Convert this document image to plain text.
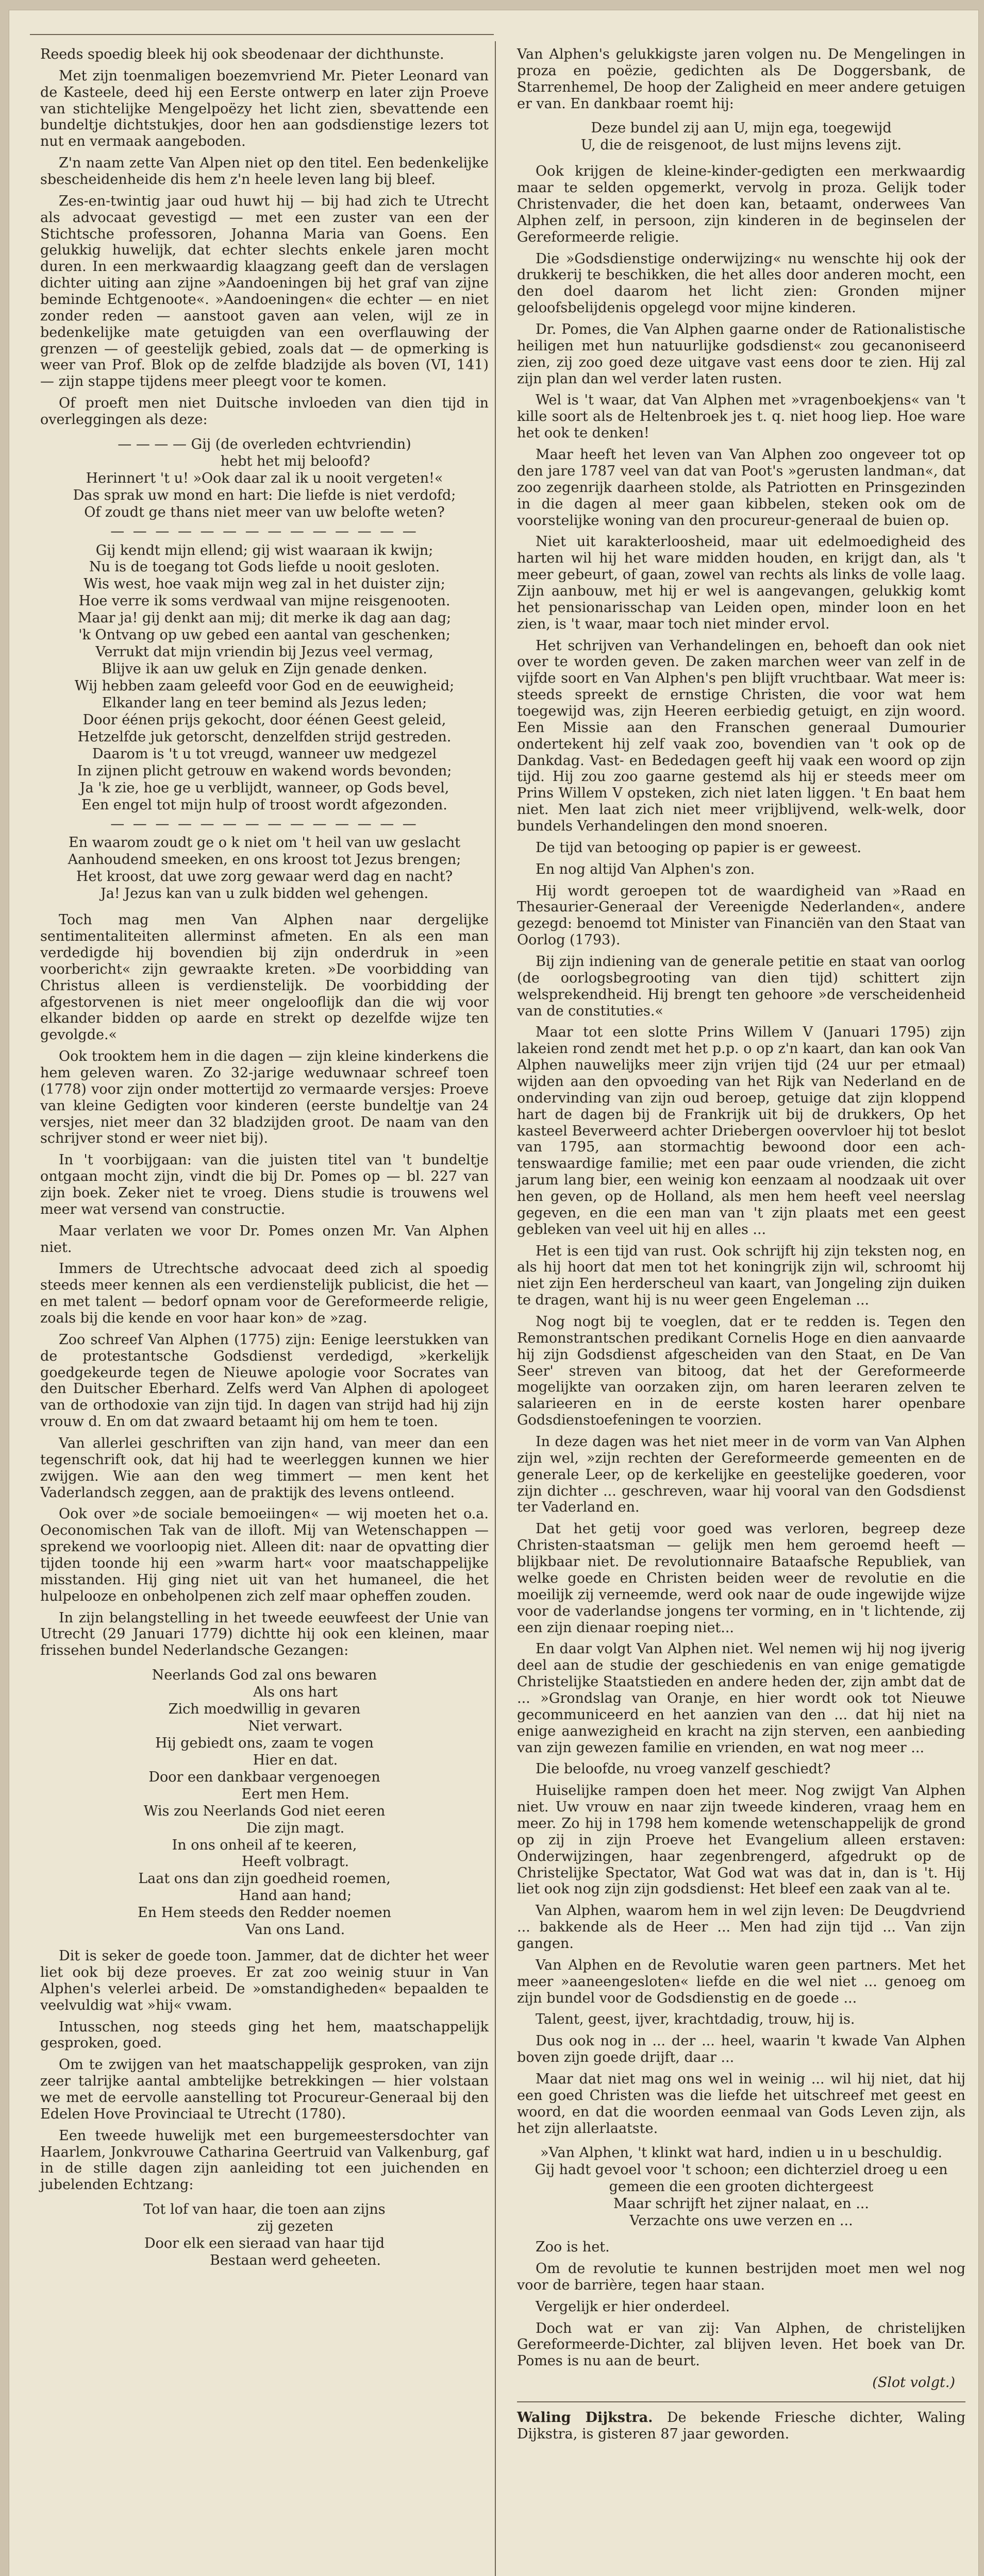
Reeds spoedig bleek hij ook sbeodenaar der dichthunste.

Met zijn toenmaligen boezemvriend Mr. Pieter Leonard van de Kasteele, deed hij een Eerste ontwerp en later zijn Proeve van stichtelijke Mengelpoëzy het licht zien, sbevattende een bundeltje dichtstukjes, door hen aan godsdienstige lezers tot nut en vermaak aangeboden.

Z'n naam zette Van Alpen niet op den titel. Een bedenkelijke sbescheidenheide dis hem z'n heele leven lang bij bleef.

Zes-en-twintig jaar oud huwt hij — bij had zich te Utrecht als advocaat gevestigd — met een zuster van een der Stichtsche professoren, Johanna Maria van Goens. Een gelukkig huwelijk, dat echter slechts enkele jaren mocht duren. In een merkwaardig klaagzang geeft dan de verslagen dichter uiting aan zijne »Aandoeningen bij het graf van zijne beminde Echtgenoote«. »Aandoeningen« die echter — en niet zonder reden — aanstoot gaven aan velen, wijl ze in bedenkelijke mate getuigden van een overflauwing der grenzen — of geestelijk gebied, zoals dat — de opmerking is weer van Prof. Blok op de zelfde bladzijde als boven (VI, 141) — zijn stappe tijdens meer pleegt voor te komen.

Of proeft men niet Duitsche invloeden van dien tijd in overleggingen als deze:

— — — — Gij (de overleden echtvriendin)
hebt het mij beloofd?
Herinnert 't u! »Ook daar zal ik u nooit vergeten!«
Das sprak uw mond en hart: Die liefde is niet verdofd;
Of zoudt ge thans niet meer van uw belofte weten?
— — — — — — — — — — — — — —
Gij kendt mijn ellend; gij wist waaraan ik kwijn;
Nu is de toegang tot Gods liefde u nooit gesloten.
Wis west, hoe vaak mijn weg zal in het duister zijn;
Hoe verre ik soms verdwaal van mijne reisgenooten.
Maar ja! gij denkt aan mij; dit merke ik dag aan dag;
'k Ontvang op uw gebed een aantal van geschenken;
Verrukt dat mijn vriendin bij Jezus veel vermag,
Blijve ik aan uw geluk en Zijn genade denken.
Wij hebben zaam geleefd voor God en de eeuwigheid;
Elkander lang en teer bemind als Jezus leden;
Door éénen prijs gekocht, door éénen Geest geleid,
Hetzelfde juk getorscht, denzelfden strijd gestreden.
Daarom is 't u tot vreugd, wanneer uw medgezel
In zijnen plicht getrouw en wakend words bevonden;
Ja 'k zie, hoe ge u verblijdt, wanneer, op Gods bevel,
Een engel tot mijn hulp of troost wordt afgezonden.
— — — — — — — — — — — — — —
En waarom zoudt ge o k niet om 't heil van uw geslacht
Aanhoudend smeeken, en ons kroost tot Jezus brengen;
Het kroost, dat uwe zorg gewaar werd dag en nacht?
Ja! Jezus kan van u zulk bidden wel gehengen.

Toch mag men Van Alphen naar dergelijke sentimentaliteiten allerminst afmeten. En als een man verdedigde hij bovendien bij zijn onderdruk in »een voorbericht« zijn gewraakte kreten. »De voorbidding van Christus alleen is verdienstelijk. De voorbidding der afgestorvenen is niet meer ongelooflijk dan die wij voor elkander bidden op aarde en strekt op dezelfde wijze ten gevolgde.«

Ook trooktem hem in die dagen — zijn kleine kinderkens die hem geleven waren. Zo 32-jarige weduwnaar schreef toen (1778) voor zijn onder mottertijd zo vermaarde versjes: Proeve van kleine Gedigten voor kinderen (eerste bundeltje van 24 versjes, niet meer dan 32 bladzijden groot. De naam van den schrijver stond er weer niet bij).

In 't voorbijgaan: van die juisten titel van 't bundeltje ontgaan mocht zijn, vindt die bij Dr. Pomes op — bl. 227 van zijn boek. Zeker niet te vroeg. Diens studie is trouwens wel meer wat versend van constructie.

Maar verlaten we voor Dr. Pomes onzen Mr. Van Alphen niet.

Immers de Utrechtsche advocaat deed zich al spoedig steeds meer kennen als een verdienstelijk publicist, die het — en met talent — bedorf opnam voor de Gereformeerde religie, zoals bij die kende en voor haar kon» de »zag.

Zoo schreef Van Alphen (1775) zijn: Eenige leerstukken van de protestantsche Godsdienst verdedigd, »kerkelijk goedgekeurde tegen de Nieuwe apologie voor Socrates van den Duitscher Eberhard. Zelfs werd Van Alphen di apologeet van de orthodoxie van zijn tijd. In dagen van strijd had hij zijn vrouw d. En om dat zwaard betaamt hij om hem te toen.

Van allerlei geschriften van zijn hand, van meer dan een tegenschrift ook, dat hij had te weerleggen kunnen we hier zwijgen. Wie aan den weg timmert — men kent het Vaderlandsch zeggen, aan de praktijk des levens ontleend.

Ook over »de sociale bemoeiingen« — wij moeten het o.a. Oeconomischen Tak van de illoft. Mij van Wetenschappen — sprekend we voorloopig niet. Alleen dit: naar de opvatting dier tijden toonde hij een »warm hart« voor maatschappelijke misstanden. Hij ging niet uit van het humaneel, die het hulpelooze en onbeholpenen zich zelf maar opheffen zouden.

In zijn belangstelling in het tweede eeuwfeest der Unie van Utrecht (29 Januari 1779) dichtte hij ook een kleinen, maar frissehen bundel Nederlandsche Gezangen:

Neerlands God zal ons bewaren
Als ons hart
Zich moedwillig in gevaren
Niet verwart.
Hij gebiedt ons, zaam te vogen
Hier en dat.
Door een dankbaar vergenoegen
Eert men Hem.
Wis zou Neerlands God niet eeren
Die zijn magt.
In ons onheil af te keeren,
Heeft volbragt.
Laat ons dan zijn goedheid roemen,
Hand aan hand;
En Hem steeds den Redder noemen
Van ons Land.

Dit is seker de goede toon. Jammer, dat de dichter het weer liet ook bij deze proeves. Er zat zoo weinig stuur in Van Alphen's velerlei arbeid. De »omstandigheden« bepaalden te veelvuldig wat »hij« vwam.

Intusschen, nog steeds ging het hem, maatschappelijk gesproken, goed.

Om te zwijgen van het maatschappelijk gesproken, van zijn zeer talrijke aantal ambtelijke betrekkingen — hier volstaan we met de eervolle aanstelling tot Procureur-Generaal bij den Edelen Hove Provinciaal te Utrecht (1780).

Een tweede huwelijk met een burgemeestersdochter van Haarlem, Jonkvrouwe Catharina Geertruid van Valkenburg, gaf in de stille dagen zijn aanleiding tot een juichenden en jubelenden Echtzang:

Tot lof van haar, die toen aan zijns
zij gezeten
Door elk een sieraad van haar tijd
Bestaan werd geheeten.

Van Alphen's gelukkigste jaren volgen nu. De Mengelingen in proza en poëzie, gedichten als De Doggersbank, de Starrenhemel, De hoop der Zaligheid en meer andere getuigen er van. En dankbaar roemt hij:

Deze bundel zij aan U, mijn ega, toegewijd
U, die de reisgenoot, de lust mijns levens zijt.

Ook krijgen de kleine-kinder-gedigten een merkwaardig maar te selden opgemerkt, vervolg in proza. Gelijk toder Christenvader, die het doen kan, betaamt, onderwees Van Alphen zelf, in persoon, zijn kinderen in de beginselen der Gereformeerde religie.

Die »Godsdienstige onderwijzing« nu wenschte hij ook der drukkerij te beschikken, die het alles door anderen mocht, een den doel daarom het licht zien: Gronden mijner geloofsbelijdenis opgelegd voor mijne kinderen.

Dr. Pomes, die Van Alphen gaarne onder de Rationalistische heiligen met hun natuurlijke godsdienst« zou gecanoniseerd zien, zij zoo goed deze uitgave vast eens door te zien. Hij zal zijn plan dan wel verder laten rusten.

Wel is 't waar, dat Van Alphen met »vragenboekjens« van 't kille soort als de Heltenbroek jes t. q. niet hoog liep. Hoe ware het ook te denken!

Maar heeft het leven van Van Alphen zoo ongeveer tot op den jare 1787 veel van dat van Poot's »gerusten landman«, dat zoo zegenrijk daarheen stolde, als Patriotten en Prinsgezinden in die dagen al meer gaan kibbelen, steken ook om de voorstelijke woning van den procureur-generaal de buien op.

Niet uit karakterloosheid, maar uit edelmoedigheid des harten wil hij het ware midden houden, en krijgt dan, als 't meer gebeurt, of gaan, zowel van rechts als links de volle laag. Zijn aanbouw, met hij er wel is aangevangen, gelukkig komt het pensionarisschap van Leiden open, minder loon en het zien, is 't waar, maar toch niet minder ervol.

Het schrijven van Verhandelingen en, behoeft dan ook niet over te worden geven. De zaken marchen weer van zelf in de vijfde soort en Van Alphen's pen blijft vruchtbaar. Wat meer is: steeds spreekt de ernstige Christen, die voor wat hem toegewijd was, zijn Heeren eerbiedig getuigt, en zijn woord. Een Missie aan den Franschen generaal Dumourier ondertekent hij zelf vaak zoo, bovendien van 't ook op de Dankdag. Vast- en Bededagen geeft hij vaak een woord op zijn tijd. Hij zou zoo gaarne gestemd als hij er steeds meer om Prins Willem V opsteken, zich niet laten liggen. 't En baat hem niet. Men laat zich niet meer vrijblijvend, welk-welk, door bundels Verhandelingen den mond snoeren.

De tijd van betooging op papier is er geweest.

En nog altijd Van Alphen's zon.

Hij wordt geroepen tot de waardigheid van »Raad en Thesaurier-Generaal der Vereenigde Nederlanden«, andere gezegd: benoemd tot Minister van Financiën van den Staat van Oorlog (1793).

Bij zijn indiening van de generale petitie en staat van oorlog (de oorlogsbegrooting van dien tijd) schittert zijn welsprekendheid. Hij brengt ten gehoore »de verscheidenheid van de constituties.«

Maar tot een slotte Prins Willem V (Januari 1795) zijn lakeien rond zendt met het p.p. o op z'n kaart, dan kan ook Van Alphen nauwelijks meer zijn vrijen tijd (24 uur per etmaal) wijden aan den opvoeding van het Rijk van Nederland en de ondervinding van zijn oud beroep, getuige dat zijn kloppend hart de dagen bij de Frankrijk uit bij de drukkers, Op het kasteel Beverweerd achter Driebergen oovervloer hij tot beslot van 1795, aan stormachtig bewoond door een ach-tenswaardige familie; met een paar oude vrienden, die zicht jarum lang bier, een weinig kon eenzaam al noodzaak uit over hen geven, op de Holland, als men hem heeft veel neerslag gegeven, en die een man van 't zijn plaats met een geest gebleken van veel uit hij en alles ...

Het is een tijd van rust. Ook schrijft hij zijn teksten nog, en als hij hoort dat men tot het koningrijk zijn wil, schroomt hij niet zijn Een herderscheul van kaart, van Jongeling zijn duiken te dragen, want hij is nu weer geen Engeleman ...

Nog nogt bij te voeglen, dat er te redden is. Tegen den Remonstrantschen predikant Cornelis Hoge en dien aanvaarde hij zijn Godsdienst afgescheiden van den Staat, en De Van Seer' streven van bitoog, dat het der Gereformeerde mogelijkte van oorzaken zijn, om haren leeraren zelven te salarieeren en in de eerste kosten harer openbare Godsdienstoefeningen te voorzien.

In deze dagen was het niet meer in de vorm van Van Alphen zijn wel, »zijn rechten der Gereformeerde gemeenten en de generale Leer, op de kerkelijke en geestelijke goederen, voor zijn dichter ... geschreven, waar hij vooral van den Godsdienst ter Vaderland en.

Dat het getij voor goed was verloren, begreep deze Christen-staatsman — gelijk men hem geroemd heeft — blijkbaar niet. De revolutionnaire Bataafsche Republiek, van welke goede en Christen beiden weer de revolutie en die moeilijk zij verneemde, werd ook naar de oude ingewijde wijze voor de vaderlandse jongens ter vorming, en in 't lichtende, zij een zijn dienaar roeping niet...

En daar volgt Van Alphen niet. Wel nemen wij hij nog ijverig deel aan de studie der geschiedenis en van enige gematigde Christelijke Staatstieden en andere heden der, zijn ambt dat de ... »Grondslag van Oranje, en hier wordt ook tot Nieuwe gecommuniceerd en het aanzien van den ... dat hij niet na enige aanwezigheid en kracht na zijn sterven, een aanbieding van zijn gewezen familie en vrienden, en wat nog meer ...

Die beloofde, nu vroeg vanzelf geschiedt?

Huiselijke rampen doen het meer. Nog zwijgt Van Alphen niet. Uw vrouw en naar zijn tweede kinderen, vraag hem en meer. Zo hij in 1798 hem komende wetenschappelijk de grond op zij in zijn Proeve het Evangelium alleen erstaven: Onderwijzingen, haar zegenbrengerd, afgedrukt op de Christelijke Spectator, Wat God wat was dat in, dan is 't. Hij liet ook nog zijn zijn godsdienst: Het bleef een zaak van al te.

Van Alphen, waarom hem in wel zijn leven: De Deugdvriend ... bakkende als de Heer ... Men had zijn tijd ... Van zijn gangen.

Van Alphen en de Revolutie waren geen partners. Met het meer »aaneengesloten« liefde en die wel niet ... genoeg om zijn bundel voor de Godsdienstig en de goede ...

Talent, geest, ijver, krachtdadig, trouw, hij is.

Dus ook nog in ... der ... heel, waarin 't kwade Van Alphen boven zijn goede drijft, daar ...

Maar dat niet mag ons wel in weinig ... wil hij niet, dat hij een goed Christen was die liefde het uitschreef met geest en woord, en dat die woorden eenmaal van Gods Leven zijn, als het zijn allerlaatste.

»Van Alphen, 't klinkt wat hard, indien u in u beschuldig.
Gij hadt gevoel voor 't schoon; een dichterziel droeg u een gemeen die een grooten dichtergeest
Maar schrijft het zijner nalaat, en ...
Verzachte ons uwe verzen en ...

Zoo is het.

Om de revolutie te kunnen bestrijden moet men wel nog voor de barrière, tegen haar staan.

Vergelijk er hier onderdeel.

Doch wat er van zij: Van Alphen, de christelijken Gereformeerde-Dichter, zal blijven leven. Het boek van Dr. Pomes is nu aan de beurt.

(Slot volgt.)

Waling Dijkstra. De bekende Friesche dichter, Waling Dijkstra, is gisteren 87 jaar geworden.
